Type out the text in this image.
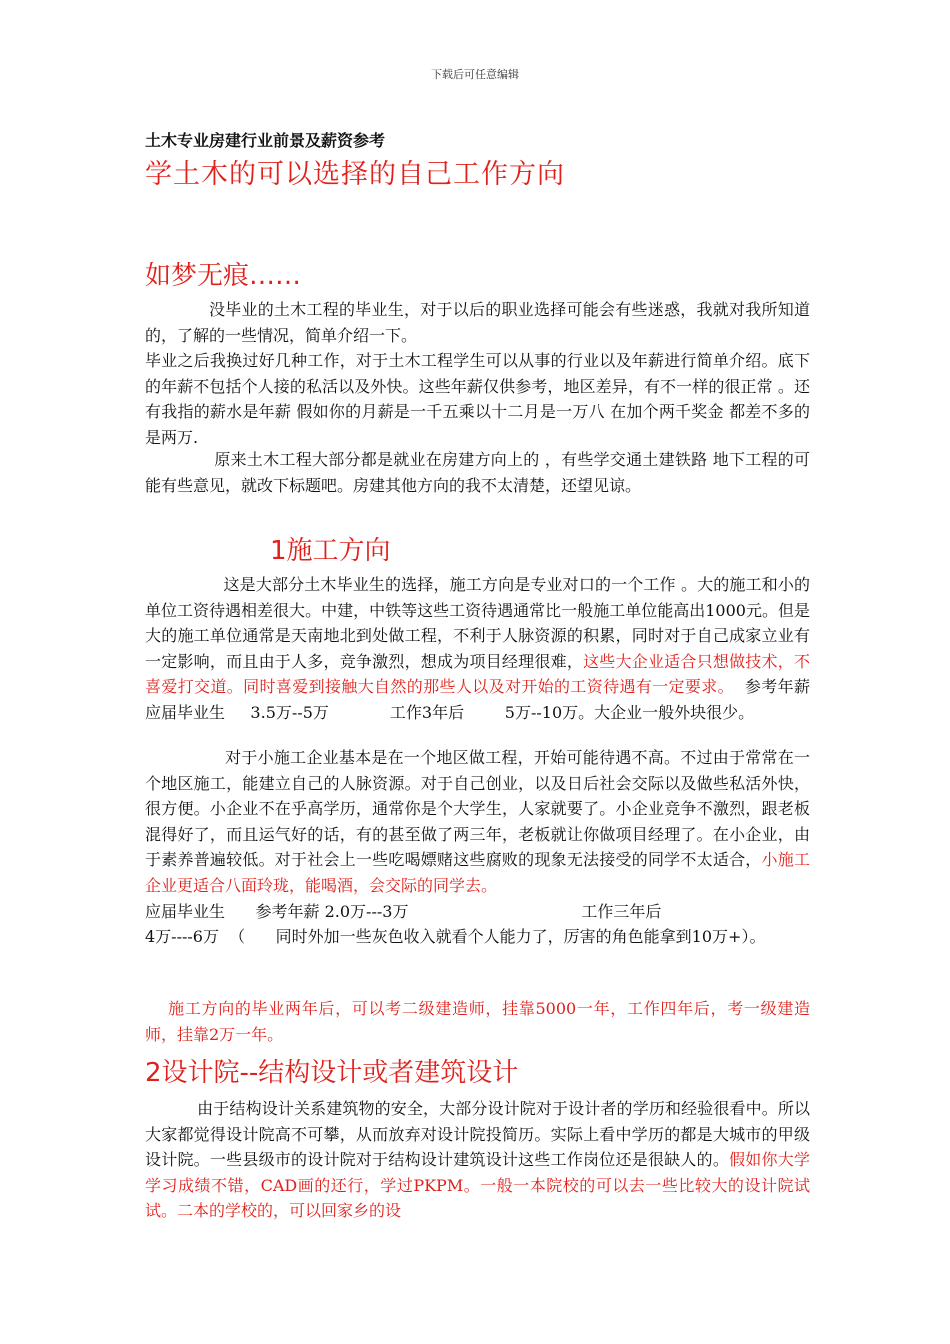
下载后可任意编辑
土木专业房建行业前景及薪资参考
学土木的可以选择的自己工作方向
如梦无痕……

没毕业的土木工程的毕业生，对于以后的职业选择可能会有些迷惑，我就对我所知道的，了解的一些情况，简单介绍一下。
毕业之后我换过好几种工作，对于土木工程学生可以从事的行业以及年薪进行简单介绍。底下的年薪不包括个人接的私活以及外快。这些年薪仅供参考，地区差异，有不一样的很正常 。还有我指的薪水是年薪 假如你的月薪是一千五乘以十二月是一万八 在加个两千奖金 都差不多的是两万.

原来土木工程大部分都是就业在房建方向上的 ，有些学交通土建铁路 地下工程的可能有些意见，就改下标题吧。房建其他方向的我不太清楚，还望见谅。

1施工方向

这是大部分土木毕业生的选择，施工方向是专业对口的一个工作 。大的施工和小的单位工资待遇相差很大。中建，中铁等这些工资待遇通常比一般施工单位能高出1000元。但是大的施工单位通常是天南地北到处做工程，不利于人脉资源的积累，同时对于自己成家立业有一定影响，而且由于人多，竞争激烈，想成为项目经理很难，这些大企业适合只想做技术，不喜爱打交道。同时喜爱到接触大自然的那些人以及对开始的工资待遇有一定要求。  参考年薪应届毕业生     3.5万--5万            工作3年后        5万--10万。大企业一般外块很少。

对于小施工企业基本是在一个地区做工程，开始可能待遇不高。不过由于常常在一个地区施工，能建立自己的人脉资源。对于自己创业，以及日后社会交际以及做些私活外快，很方便。小企业不在乎高学历，通常你是个大学生，人家就要了。小企业竞争不激烈，跟老板混得好了，而且运气好的话，有的甚至做了两三年，老板就让你做项目经理了。在小企业，由于素养普遍较低。对于社会上一些吃喝嫖赌这些腐败的现象无法接受的同学不太适合，小施工企业更适合八面玲珑，能喝酒，会交际的同学去。
应届毕业生      参考年薪 2.0万---3万                                  工作三年后
4万----6万  （      同时外加一些灰色收入就看个人能力了，厉害的角色能拿到10万+）。

施工方向的毕业两年后，可以考二级建造师，挂靠5000一年，工作四年后，考一级建造师，挂靠2万一年。

2设计院--结构设计或者建筑设计

由于结构设计关系建筑物的安全，大部分设计院对于设计者的学历和经验很看中。所以大家都觉得设计院高不可攀，从而放弃对设计院投简历。实际上看中学历的都是大城市的甲级设计院。一些县级市的设计院对于结构设计建筑设计这些工作岗位还是很缺人的。假如你大学学习成绩不错，CAD画的还行，学过PKPM。一般一本院校的可以去一些比较大的设计院试试。二本的学校的，可以回家乡的设
